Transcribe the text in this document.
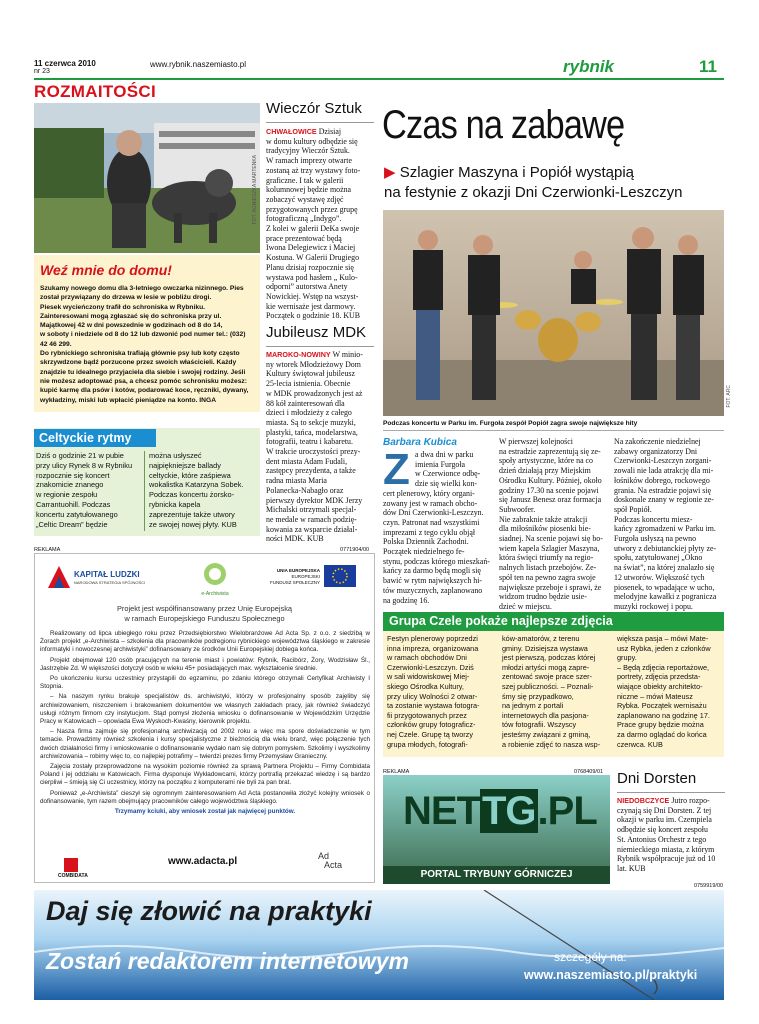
11 czerwca 2010
nr 23
www.rybnik.naszemiasto.pl	rybnik	11
ROZMAITOŚCI
FOT. AGNIESZKA MARTENKA
Weź mnie do domu!
Szukamy nowego domu dla 3-letniego owczarka nizinnego. Pies
został przywiązany do drzewa w lesie w pobliżu drogi.
Piesek wycieńczony trafił do schroniska w Rybniku.
Zainteresowani mogą zgłaszać się do schroniska przy ul.
Majątkowej 42 w dni powszednie w godzinach od 8 do 14,
w soboty i niedziele od 8 do 12 lub dzwonić pod numer tel.: (032)
42 46 299.
Do rybnickiego schroniska trafiają głównie psy lub koty często
skrzywdzone bądź porzucone przez swoich właścicieli. Każdy
znajdzie tu idealnego przyjaciela dla siebie i swojej rodziny. Jeśli
nie możesz adoptować psa, a chcesz pomóc schronisku możesz:
kupić karmę dla psów i kotów, podarować koce, ręczniki, dywany,
wykładziny, miski lub wpłacić pieniądze na konto. INGA
Celtyckie rytmy
Dziś o godzinie 21 w pubie
przy ulicy Rynek 8 w Rybniku
rozpocznie się koncert
znakomicie znanego
w regionie zespołu
Carrantuohill. Podczas
koncertu zatytułowanego
„Celtic Dream” będzie
można usłyszeć
najpiękniejsze ballady
celtyckie, które zaśpiewa
wokalistka Katarzyna Sobek.
Podczas koncertu żorsko-
rybnicka kapela
zaprezentuje także utwory
ze swojej nowej płyty. KUB
Wieczór Sztuk
CHWAŁOWICE Dzisiaj
w domu kultury odbędzie się
tradycyjny Wieczór Sztuk.
W ramach imprezy otwarte
zostaną aż trzy wystawy foto-
graficzne. I tak w galerii
kolumnowej będzie można
zobaczyć wystawę zdjęć
przygotowanych przez grupę
fotograficzną „Indygo”.
Z kolei w galerii DeKa swoje
prace prezentować będą
Iwona Delegiewicz i Maciej
Kostuna. W Galerii Drugiego
Planu dzisiaj rozpocznie się
wystawa pod hasłem „ Kulo-
odporni” autorstwa Anety
Nowickiej. Wstęp na wszyst-
kie wernisaże jest darmowy.
Początek o godzinie 18. KUB
Jubileusz MDK
MAROKO-NOWINY W minio-
ny wtorek Młodzieżowy Dom
Kultury świętował jubileusz
25-lecia istnienia. Obecnie
w MDK prowadzonych jest aż
88 kół zainteresowań dla
dzieci i młodzieży z całego
miasta. Są to sekcje muzyki,
plastyki, tańca, modelarstwa,
fotografii, teatru i kabaretu.
W trakcie uroczystości prezy-
dent miasta Adam Fudali,
zastępcy prezydenta, a także
radna miasta Maria
Polanecka-Nabagło oraz
pierwszy dyrektor MDK Jerzy
Michalski otrzymali specjal-
ne medale w ramach podzię-
kowania za wsparcie działal-
ności MDK. KUB
Czas na zabawę
▶ Szlagier Maszyna i Popiół wystąpią
na festynie z okazji Dni Czerwionki-Leszczyn
FOT. ARC
Podczas koncertu w Parku im. Furgoła zespół Popiół zagra swoje największe hity
Barbara Kubica
Z a dwa dni w parku
imienia Furgoła
w Czerwionce odbę-
dzie się wielki kon-
cert plenerowy, który organi-
zowany jest w ramach obcho-
dów Dni Czerwionki-Leszczyn.
czyn. Patronat nad wszystkimi
imprezami z tego cyklu objął
Polska Dziennik Zachodni.
Początek niedzielnego fe-
stynu, podczas którego mieszkań-
kańcy za darmo będą mogli się
bawić w rytm największych hi-
tów muzycznych, zaplanowano
na godzinę 16.
W pierwszej kolejności
na estradzie zaprezentują się ze-
społy artystyczne, które na co
dzień działają przy Miejskim
Ośrodku Kultury. Później, około
godziny 17.30 na scenie pojawi
się Janusz Benesz oraz formacja
Subwoofer.
Nie zabraknie także atrakcji
dla miłośników piosenki bie-
siadnej. Na scenie pojawi się bo-
wiem kapela Szlagier Maszyna,
która święci triumfy na regio-
nalnych listach przebojów. Ze-
spół ten na pewno zagra swoje
największe przeboje i sprawi, że
widzom trudno będzie usie-
dzieć w miejscu.
Na zakończenie niedzielnej
zabawy organizatorzy Dni
Czerwionki-Leszczyn zorgani-
zowali nie lada atrakcję dla mi-
łośników dobrego, rockowego
grania. Na estradzie pojawi się
doskonale znany w regionie ze-
spół Popiół.
Podczas koncertu miesz-
kańcy zgromadzeni w Parku im.
Furgoła usłyszą na pewno
utwory z debiutanckiej płyty ze-
społu, zatytułowanej „Okno
na świat”, na której znalazło się
12 utworów. Większość tych
piosenek, to wpadające w ucho,
melodyjne kawałki z pogranicza
muzyki rockowej i popu.
Grupa Czele pokaże najlepsze zdjęcia
Festyn plenerowy poprzedzi
inna impreza, organizowana
w ramach obchodów Dni
Czerwionki-Leszczyn. Dziś
w sali widowiskowej Miej-
skiego Ośrodka Kultury,
przy ulicy Wolności 2 otwar-
ta zostanie wystawa fotogra-
fii przygotowanych przez
członków grupy fotograficz-
nej Czele. Grupę tą tworzy
grupa młodych, fotografi-
ków-amatorów, z terenu
gminy. Dzisiejsza wystawa
jest pierwszą, podczas której
młodzi artyści mogą zapre-
zentować swoje prace szer-
szej publiczności. – Poznali-
śmy się przypadkowo,
na jednym z portali
internetowych dla pasjona-
tów fotografii. Wszyscy
jesteśmy związani z gminą,
a robienie zdjęć to nasza wsp-
większa pasja – mówi Mate-
usz Rybka, jeden z członków
grupy.
– Będą zdjęcia reportażowe,
portrety, zdjęcia przedsta-
wiające obiekty architekto-
niczne – mówi Mateusz
Rybka. Początek wernisażu
zaplanowano na godzinę 17.
Prace grupy będzie można
za darmo oglądać do końca
czerwca. KUB
REKLAMA	0771904/00
KAPITAŁ LUDZKI
NARODOWA STRATEGIA SPÓJNOŚCI
e-Archiwista
UNIA EUROPEJSKA
EUROPEJSKI
FUNDUSZ SPOŁECZNY
Projekt jest współfinansowany przez Unię Europejską
w ramach Europejskiego Funduszu Społecznego

Realizowany od lipca ubiegłego roku przez Przedsiębiorstwo Wielobranżowe Ad Acta Sp. z o.o. z siedzibą w Żorach projekt „e-Archiwista – szkolenia dla pracowników podregionu rybnickiego województwa śląskiego w zakresie informatyki i nowoczesnej archiwistyki” dofinansowany ze środków Unii Europejskiej dobiega końca.

Projekt obejmował 120 osób pracujących na terenie miast i powiatów: Rybnik, Racibórz, Żory, Wodzisław Śl., Jastrzębie Zd. W większości dotyczył osób w wieku 45+ posiadających max. wykształcenie średnie.

Po ukończeniu kursu uczestnicy przystąpili do egzaminu, po zdaniu którego otrzymali Certyfikat Archiwisty I Stopnia.

– Na naszym rynku brakuje specjalistów ds. archiwistyki, którzy w profesjonalny sposób zajęliby się archiwizowaniem, niszczeniem i brakowaniem dokumentów we własnych zakładach pracy, jak również świadczyć usługi różnym firmom czy instytucjom. Stąd pomysł złożenia wniosku o dofinansowanie w Wojewódzkim Urzędzie Pracy w Katowicach – opowiada Ewa Wyskoch-Kwaśny, kierownik projektu.

– Nasza firma zajmuje się profesjonalną archiwizacją od 2002 roku a więc ma spore doświadczenie w tym temacie. Prowadzimy również szkolenia i kursy specjalistyczne z bieżnością dla wielu branż, więc połączenie tych dwóch działalności firmy i wnioskowanie o dofinansowanie wydało nam się dobrym pomysłem. Szkolimy i wyszkolimy archiwizowania – robimy więc to, co najlepiej potrafimy – twierdzi prezes firmy Przemysław Granieczny.

Zajęcia zostały przeprowadzone na wysokim poziomie również za sprawą Partnera Projektu – Firmy Combidata Poland i jej oddziału w Katowicach. Firma dysponuje Wykładowcami, którzy portrafią przekazać wiedzę i są bardzo cierpliwi – śmieją się Ci uczestnicy, którzy na początku z komputerami nie byli za pan brat.

Ponieważ „e-Archiwista” cieszył się ogromnym zainteresowaniem Ad Acta postanowiła złożyć kolejny wniosek o dofinansowanie, tym razem obejmujący pracowników całego województwa śląskiego.

Trzymamy kciuki, aby wniosek został jak najwięcej punktów.

COMBIDATA
www.adacta.pl	Ad
Acta
REKLAMA	0768409/01
NETTG.PL
PORTAL TRYBUNY GÓRNICZEJ
Dni Dorsten
NIEDOBCZYCE Jutro rozpo-
czynają się Dni Dorsten. Z tej
okazji w parku im. Czempiela
odbędzie się koncert zespołu
St. Antonius Orchestr z tego
niemieckiego miasta, z którym
Rybnik współpracuje już od 10
lat. KUB
0759919/00
Daj się złowić na praktyki
Zostań redaktorem internetowym	szczegóły na:
www.naszemiasto.pl/praktyki
